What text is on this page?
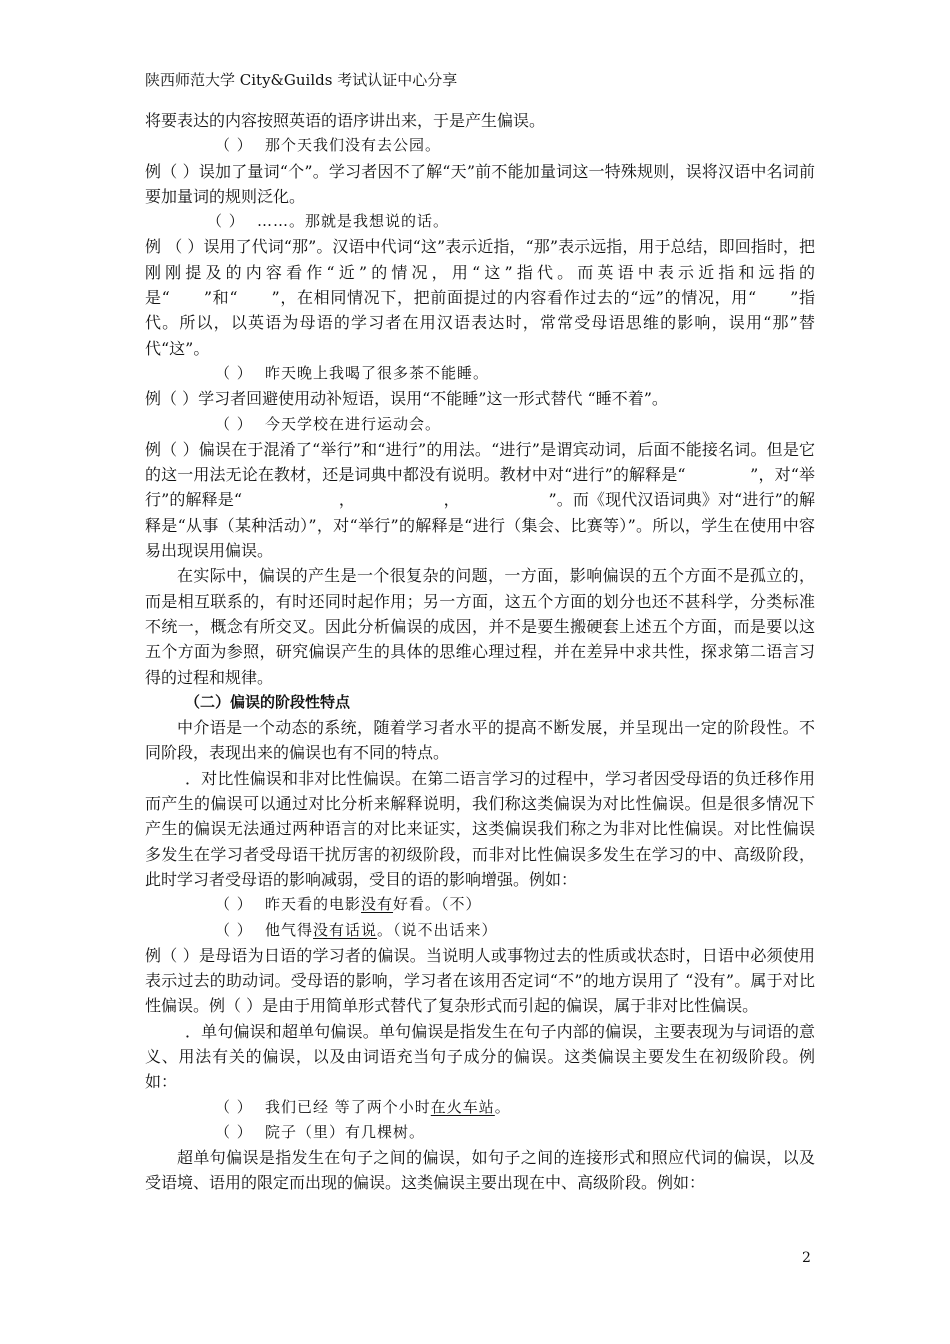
陕西师范大学 City&Guilds 考试认证中心分享

将要表达的内容按照英语的语序讲出来，于是产生偏误。

（ ） 那个天我们没有去公园。

例（ ）误加了量词“个”。学习者因不了解“天”前不能加量词这一特殊规则，误将汉语中名词前要加量词的规则泛化。

（ ） ……。那就是我想说的话。

例 （ ）误用了代词“那”。汉语中代词“这”表示近指，“那”表示远指，用于总结，即回指时，把刚刚提及的内容看作“近”的情况，用“这”指代。而英语中表示近指和远指的是“　　”和“　　”，在相同情况下，把前面提过的内容看作过去的“远”的情况，用“　　”指代。所以，以英语为母语的学习者在用汉语表达时，常常受母语思维的影响，误用“那”替代“这”。

（ ） 昨天晚上我喝了很多茶不能睡。

例（ ）学习者回避使用动补短语，误用“不能睡”这一形式替代 “睡不着”。

（ ） 今天学校在进行运动会。

例（ ）偏误在于混淆了“举行”和“进行”的用法。“进行”是谓宾动词，后面不能接名词。但是它的这一用法无论在教材，还是词典中都没有说明。教材中对“进行”的解释是“　　　　”，对“举行”的解释是“　　　　　　，　　　　　　，　　　　　　”。而《现代汉语词典》对“进行”的解释是“从事（某种活动）”，对“举行”的解释是“进行（集会、比赛等）”。所以，学生在使用中容易出现误用偏误。

在实际中，偏误的产生是一个很复杂的问题，一方面，影响偏误的五个方面不是孤立的，而是相互联系的，有时还同时起作用；另一方面，这五个方面的划分也还不甚科学，分类标准不统一，概念有所交叉。因此分析偏误的成因，并不是要生搬硬套上述五个方面，而是要以这五个方面为参照，研究偏误产生的具体的思维心理过程，并在差异中求共性，探求第二语言习得的过程和规律。

（二）偏误的阶段性特点

中介语是一个动态的系统，随着学习者水平的提高不断发展，并呈现出一定的阶段性。不同阶段，表现出来的偏误也有不同的特点。

．对比性偏误和非对比性偏误。在第二语言学习的过程中，学习者因受母语的负迁移作用而产生的偏误可以通过对比分析来解释说明，我们称这类偏误为对比性偏误。但是很多情况下产生的偏误无法通过两种语言的对比来证实，这类偏误我们称之为非对比性偏误。对比性偏误多发生在学习者受母语干扰厉害的初级阶段，而非对比性偏误多发生在学习的中、高级阶段，此时学习者受母语的影响减弱，受目的语的影响增强。例如：

（ ） 昨天看的电影没有好看。（不）

（ ） 他气得没有话说。（说不出话来）

例（ ）是母语为日语的学习者的偏误。当说明人或事物过去的性质或状态时，日语中必须使用表示过去的助动词。受母语的影响，学习者在该用否定词“不”的地方误用了 “没有”。属于对比性偏误。例（ ）是由于用简单形式替代了复杂形式而引起的偏误，属于非对比性偏误。

．单句偏误和超单句偏误。单句偏误是指发生在句子内部的偏误，主要表现为与词语的意义、用法有关的偏误，以及由词语充当句子成分的偏误。这类偏误主要发生在初级阶段。例如：

（ ） 我们已经 等了两个小时在火车站。

（ ） 院子（里）有几棵树。

超单句偏误是指发生在句子之间的偏误，如句子之间的连接形式和照应代词的偏误，以及受语境、语用的限定而出现的偏误。这类偏误主要出现在中、高级阶段。例如：

2
